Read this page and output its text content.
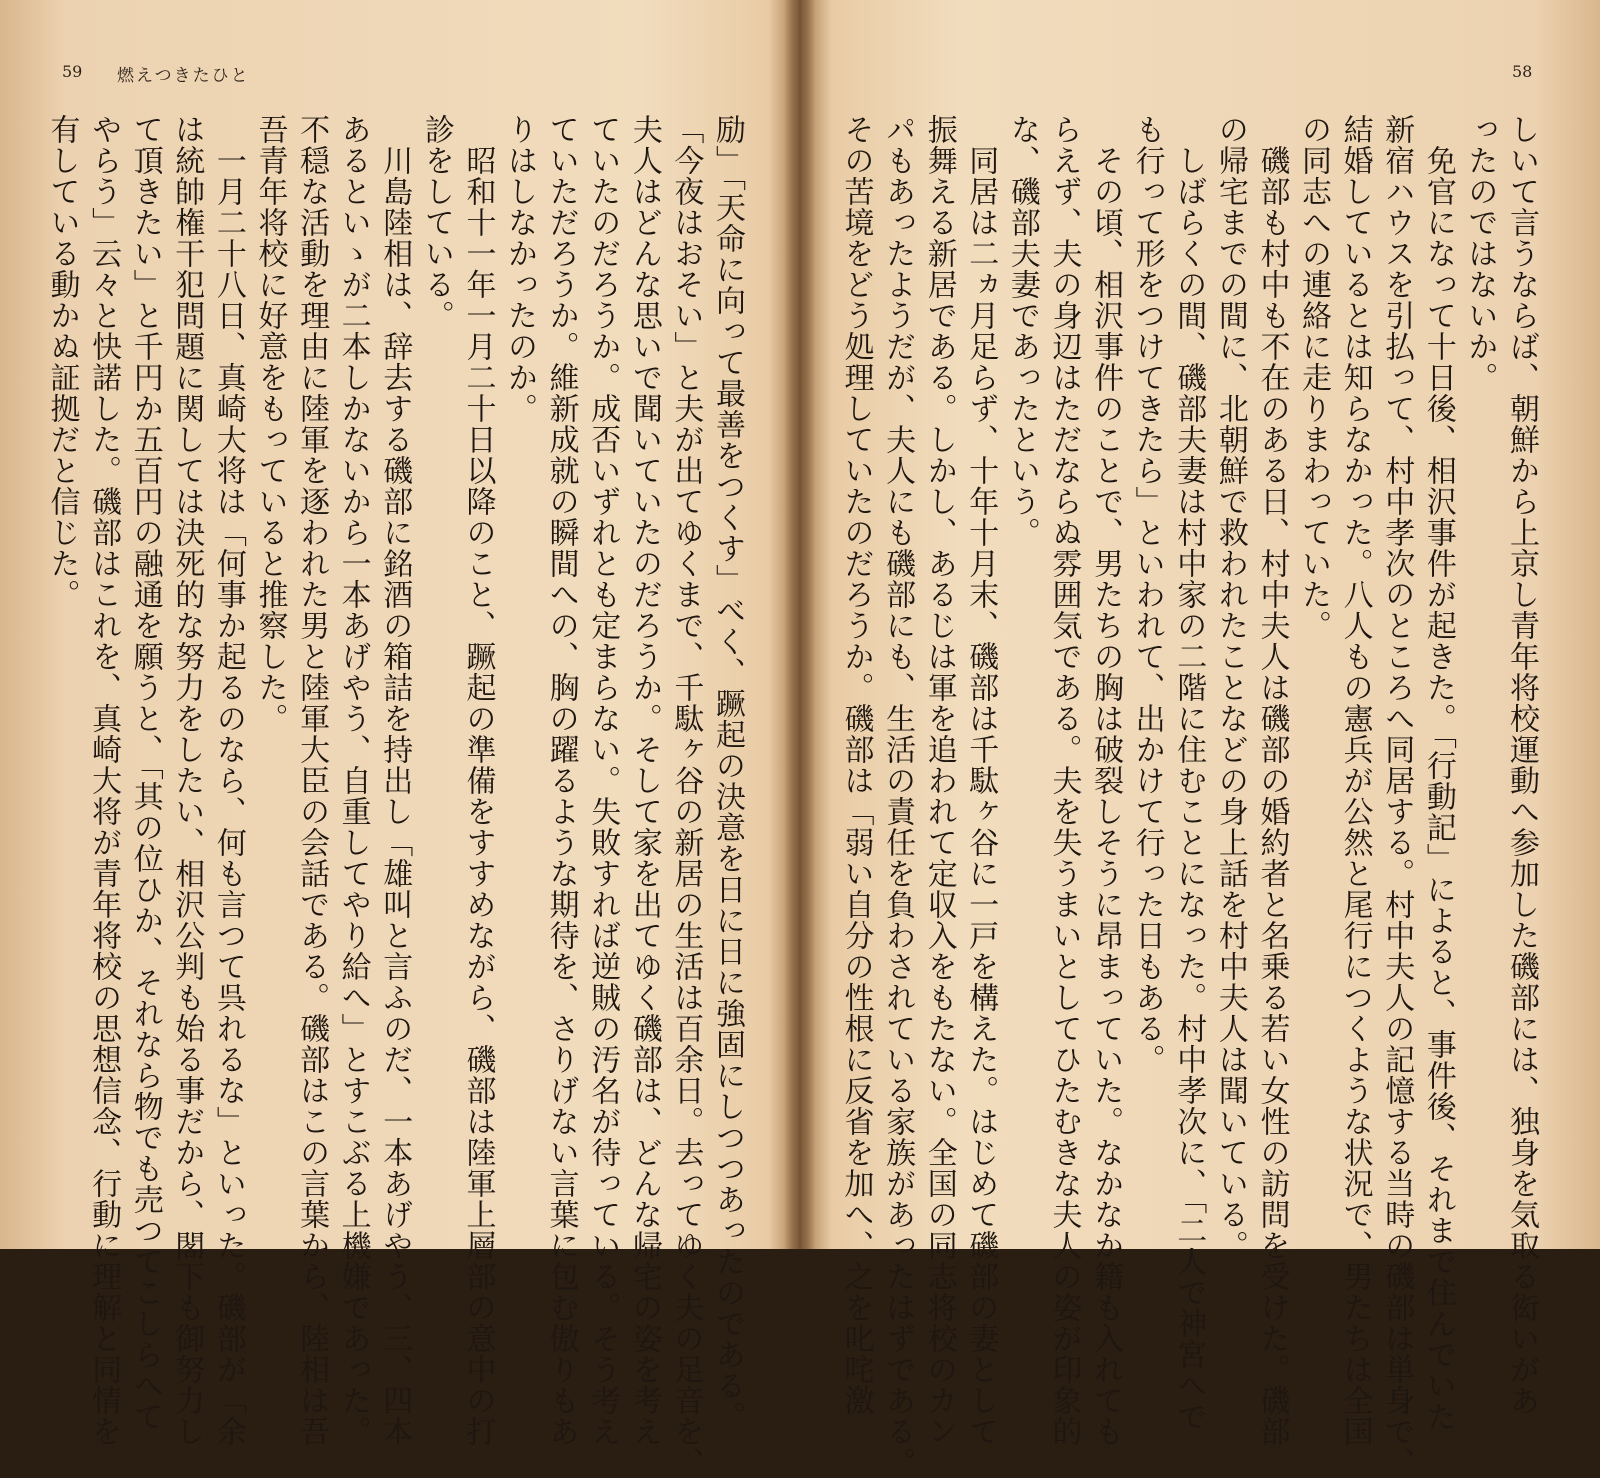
59 燃えつきたひと
励」「天命に向って最善をつくす」べく、蹶起の決意を日に日に強固にしつつあったのである。
「今夜はおそい」と夫が出てゆくまで、千駄ヶ谷の新居の生活は百余日。去ってゆく夫の足音を、
夫人はどんな思いで聞いていたのだろうか。そして家を出てゆく磯部は、どんな帰宅の姿を考え
ていたのだろうか。成否いずれとも定まらない。失敗すれば逆賊の汚名が待っている。そう考え
ていただろうか。維新成就の瞬間への、胸の躍るような期待を、さりげない言葉に包む傲りもあ
りはしなかったのか。
　昭和十一年一月二十日以降のこと、蹶起の準備をすすめながら、磯部は陸軍上層部の意中の打
診をしている。
　川島陸相は、辞去する磯部に銘酒の箱詰を持出し「雄叫と言ふのだ、一本あげやう、三、四本
あるといゝが二本しかないから一本あげやう、自重してやり給へ」とすこぶる上機嫌であった。
不穏な活動を理由に陸軍を逐われた男と陸軍大臣の会話である。磯部はこの言葉から、陸相は吾
吾青年将校に好意をもっていると推察した。
　一月二十八日、真崎大将は「何事か起るのなら、何も言つて呉れるな」といった。磯部が「余
は統帥権干犯問題に関しては決死的な努力をしたい、相沢公判も始る事だから、閣下も御努力し
て頂きたい」と千円か五百円の融通を願うと、「其の位ひか、それなら物でも売つてこしらへて
やらう」云々と快諾した。磯部はこれを、真崎大将が青年将校の思想信念、行動に理解と同情を
有している動かぬ証拠だと信じた。
58
しいて言うならば、朝鮮から上京し青年将校運動へ参加した磯部には、独身を気取る衒いがあ
ったのではないか。
　免官になって十日後、相沢事件が起きた。「行動記」によると、事件後、それまで住んでいた
新宿ハウスを引払って、村中孝次のところへ同居する。村中夫人の記憶する当時の磯部は単身で、
結婚しているとは知らなかった。八人もの憲兵が公然と尾行につくような状況で、男たちは全国
の同志への連絡に走りまわっていた。
　磯部も村中も不在のある日、村中夫人は磯部の婚約者と名乗る若い女性の訪問を受けた。磯部
の帰宅までの間に、北朝鮮で救われたことなどの身上話を村中夫人は聞いている。
　しばらくの間、磯部夫妻は村中家の二階に住むことになった。村中孝次に、「二人で神宮へで
も行って形をつけてきたら」といわれて、出かけて行った日もある。
　その頃、相沢事件のことで、男たちの胸は破裂しそうに昂まっていた。なかなか籍も入れても
らえず、夫の身辺はただならぬ雰囲気である。夫を失うまいとしてひたむきな夫人の姿が印象的
な、磯部夫妻であったという。
　同居は二ヵ月足らず、十年十月末、磯部は千駄ヶ谷に一戸を構えた。はじめて磯部の妻として
振舞える新居である。しかし、あるじは軍を追われて定収入をもたない。全国の同志将校のカン
パもあったようだが、夫人にも磯部にも、生活の責任を負わされている家族があったはずである。
その苦境をどう処理していたのだろうか。磯部は「弱い自分の性根に反省を加へ、之を叱咤激
